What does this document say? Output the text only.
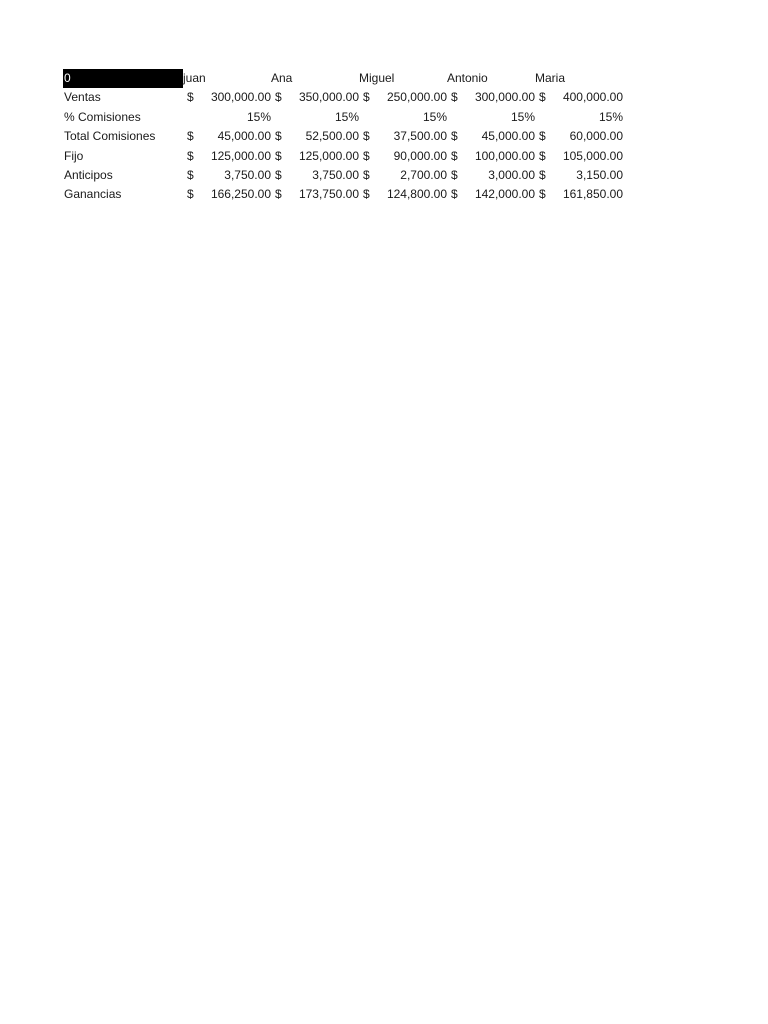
0	juan	Ana	Miguel	Antonio	Maria
Ventas	$ 300,000.00	$ 350,000.00	$ 250,000.00	$ 300,000.00	$ 400,000.00

% Comisiones	15%	15%	15%	15%	15%

Total Comisiones	$ 45,000.00	$ 52,500.00	$ 37,500.00	$ 45,000.00	$ 60,000.00

Fijo	$ 125,000.00	$ 125,000.00	$ 90,000.00	$ 100,000.00	$ 105,000.00

Anticipos	$ 3,750.00	$ 3,750.00	$ 2,700.00	$ 3,000.00	$ 3,150.00

Ganancias	$ 166,250.00	$ 173,750.00	$ 124,800.00	$ 142,000.00	$ 161,850.00
